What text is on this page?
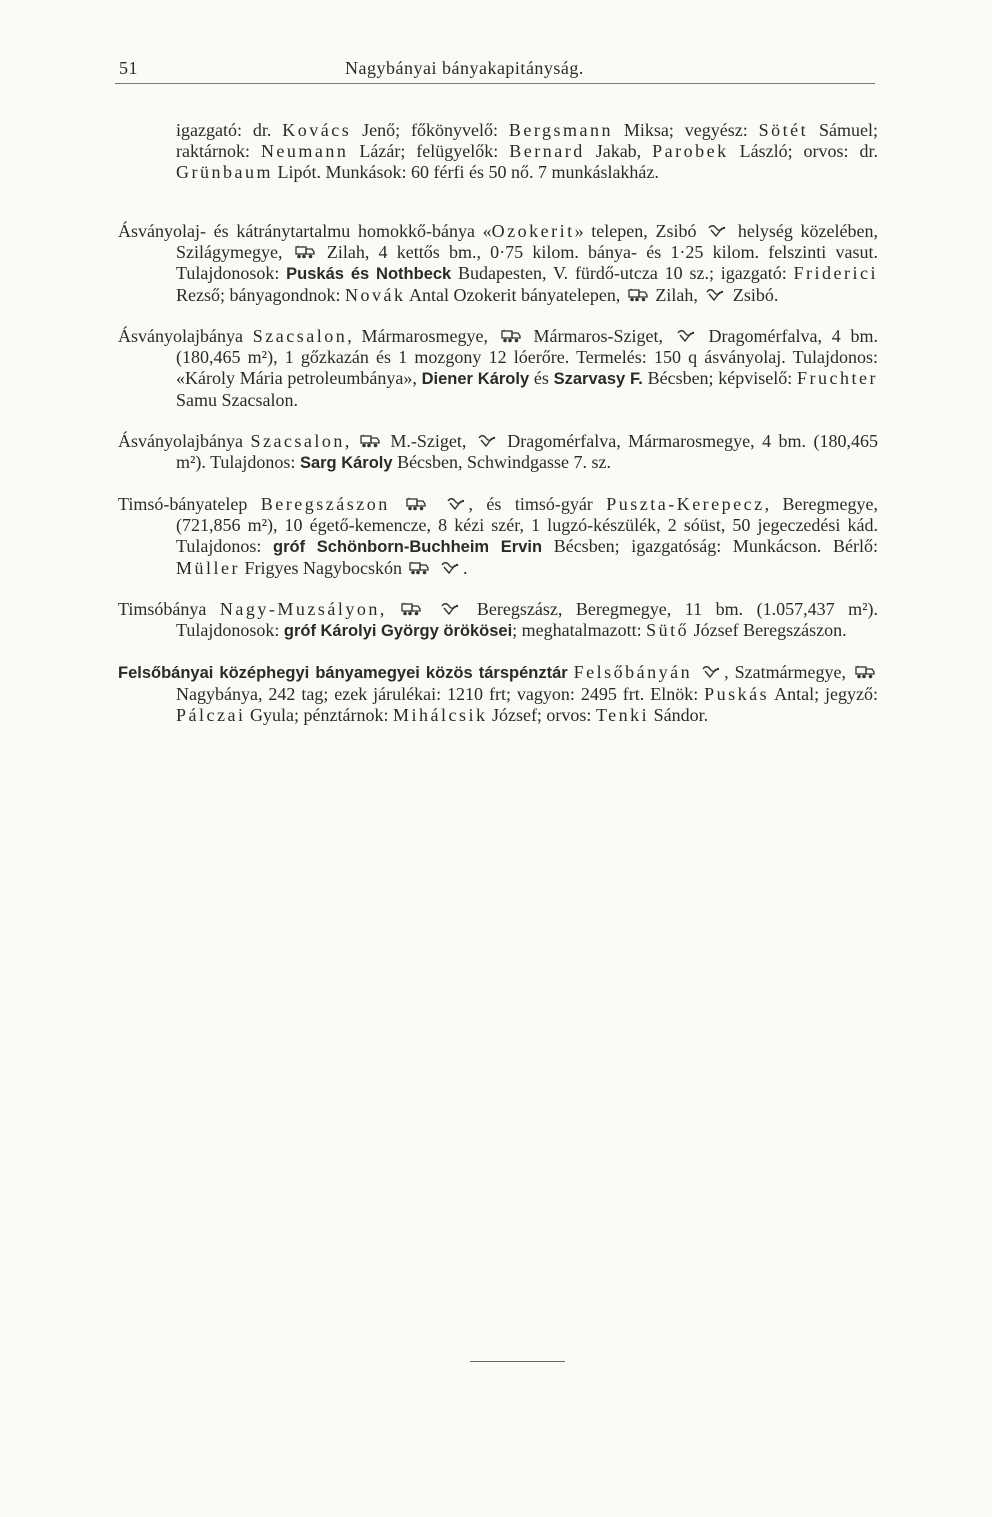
51	Nagybányai bányakapitányság.
igazgató: dr. Kovács Jenő; főkönyvelő: Bergsmann Miksa; vegyész: Sötét Sámuel; raktárnok: Neumann Lázár; felügyelők: Bernard Jakab, Parobek László; orvos: dr. Grünbaum Lipót. Munkások: 60 férfi és 50 nő. 7 munkáslakház.
Ásványolaj- és kátránytartalmu homokkő-bánya «Ozokerit» telepen, Zsibó
helység közelében, Szilágymegye,
Zilah, 4 kettős bm., 0·75 kilom. bánya- és 1·25 kilom. felszinti vasut. Tulajdonosok: Puskás és Nothbeck Budapesten, V. fürdő-utcza 10 sz.; igazgató: Friderici Rezső; bányagondnok: Novák Antal Ozokerit bányatelepen,
Zilah,
Zsibó.
Ásványolajbánya Szacsalon, Mármarosmegye,
Mármaros-Sziget,
Dragomérfalva, 4 bm. (180,465 m²), 1 gőzkazán és 1 mozgony 12 lóerőre. Termelés: 150 q ásványolaj. Tulajdonos: «Károly Mária petroleumbánya», Diener Károly és Szarvasy F. Bécsben; képviselő: Fruchter Samu Szacsalon.
Ásványolajbánya Szacsalon,
M.-Sziget,
Dragomérfalva, Mármarosmegye, 4 bm. (180,465 m²). Tulajdonos: Sarg Károly Bécsben, Schwindgasse 7. sz.
Timsó-bányatelep Beregszászon
	, és timsó-gyár Puszta-Kerepecz, Beregmegye, (721,856 m²), 10 égető-kemencze, 8 kézi szér, 1 lugzó-készülék, 2 sóüst, 50 jegeczedési kád. Tulajdonos: gróf Schönborn-Buchheim Ervin Bécsben; igazgatóság: Munkácson. Bérlő: Müller Frigyes Nagybocskón
	.
Timsóbánya Nagy-Muzsályon,
	Beregszász, Beregmegye, 11 bm. (1.057,437 m²). Tulajdonosok: gróf Károlyi György örökösei; meghatalmazott: Sütő József Beregszászon.
Felsőbányai középhegyi bányamegyei közös társpénztár Felsőbányán , Szatmármegye,
Nagybánya, 242 tag; ezek járulékai: 1210 frt; vagyon: 2495 frt. Elnök: Puskás Antal; jegyző: Pálczai Gyula; pénztárnok: Mihálcsik József; orvos: Tenki Sándor.
